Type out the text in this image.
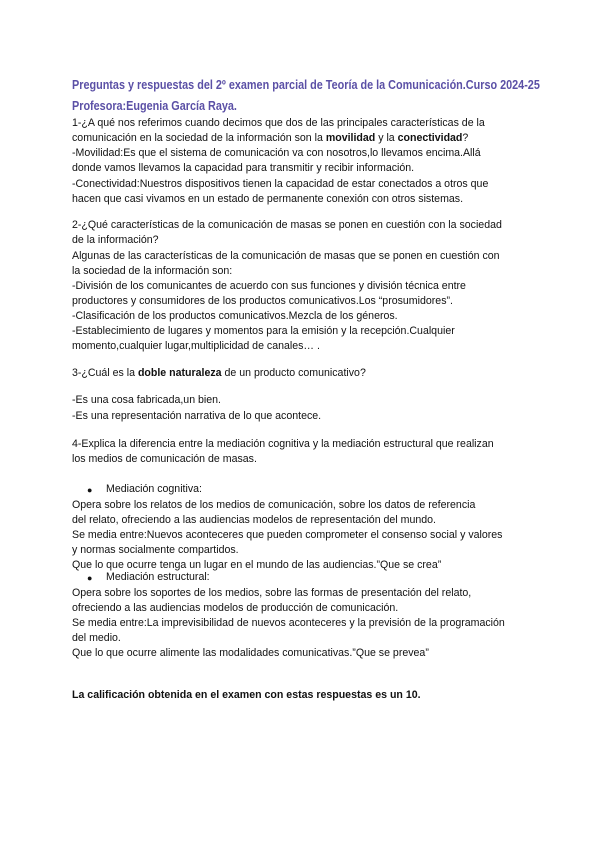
Preguntas y respuestas del 2º examen parcial de Teoría de la Comunicación.Curso 2024-25
Profesora:Eugenia García Raya.
1-¿A qué nos referimos cuando decimos que dos de las principales características de la
comunicación en la sociedad de la información son la movilidad y la conectividad?
-Movilidad:Es que el sistema de comunicación va con nosotros,lo llevamos encima.Allá
donde vamos llevamos la capacidad para transmitir y recibir información.
-Conectividad:Nuestros dispositivos tienen la capacidad de estar conectados a otros que
hacen que casi vivamos en un estado de permanente conexión con otros sistemas.
2-¿Qué características de la comunicación de masas se ponen en cuestión con la sociedad
de la información?
Algunas de las características de la comunicación de masas que se ponen en cuestión con
la sociedad de la información son:
-División de los comunicantes de acuerdo con sus funciones y división técnica entre
productores y consumidores de los productos comunicativos.Los “prosumidores”.
-Clasificación de los productos comunicativos.Mezcla de los géneros.
-Establecimiento de lugares y momentos para la emisión y la recepción.Cualquier
momento,cualquier lugar,multiplicidad de canales… .
3-¿Cuál es la doble naturaleza de un producto comunicativo?
-Es una cosa fabricada,un bien.
-Es una representación narrativa de lo que acontece.
4-Explica la diferencia entre la mediación cognitiva y la mediación estructural que realizan
los medios de comunicación de masas.
● Mediación cognitiva:
Opera sobre los relatos de los medios de comunicación, sobre los datos de referencia
del relato, ofreciendo a las audiencias modelos de representación del mundo.
Se media entre:Nuevos aconteceres que pueden comprometer el consenso social y valores
y normas socialmente compartidos.
Que lo que ocurre tenga un lugar en el mundo de las audiencias.”Que se crea”
● Mediación estructural:
Opera sobre los soportes de los medios, sobre las formas de presentación del relato,
ofreciendo a las audiencias modelos de producción de comunicación.
Se media entre:La imprevisibilidad de nuevos aconteceres y la previsión de la programación
del medio.
Que lo que ocurre alimente las modalidades comunicativas.”Que se prevea”
La calificación obtenida en el examen con estas respuestas es un 10.
